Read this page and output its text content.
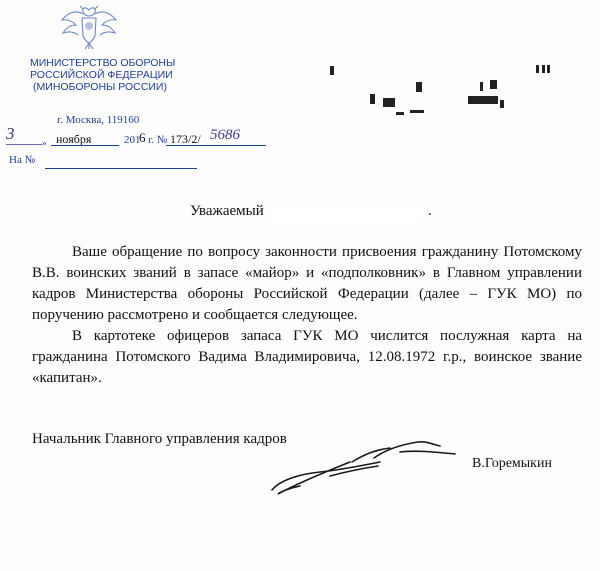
МИНИСТЕРСТВО ОБОРОНЫ
РОССИЙСКОЙ ФЕДЕРАЦИИ
(МИНОБОРОНЫ РОССИИ)
г. Москва, 119160
3	» ноября	201
6 г. № 173/2/ 5686
На №
Уважаемый	.
Ваше обращение по вопросу законности присвоения гражданину Потомскому В.В. воинских званий в запасе «майор» и «подполковник» в Главном управлении кадров Министерства обороны Российской Федерации (далее – ГУК МО) по поручению рассмотрено и сообщается следующее.
В картотеке офицеров запаса ГУК МО числится послужная карта на гражданина Потомского Вадима Владимировича, 12.08.1972 г.р., воинское звание «капитан».
Начальник Главного управления кадров
В.Горемыкин
